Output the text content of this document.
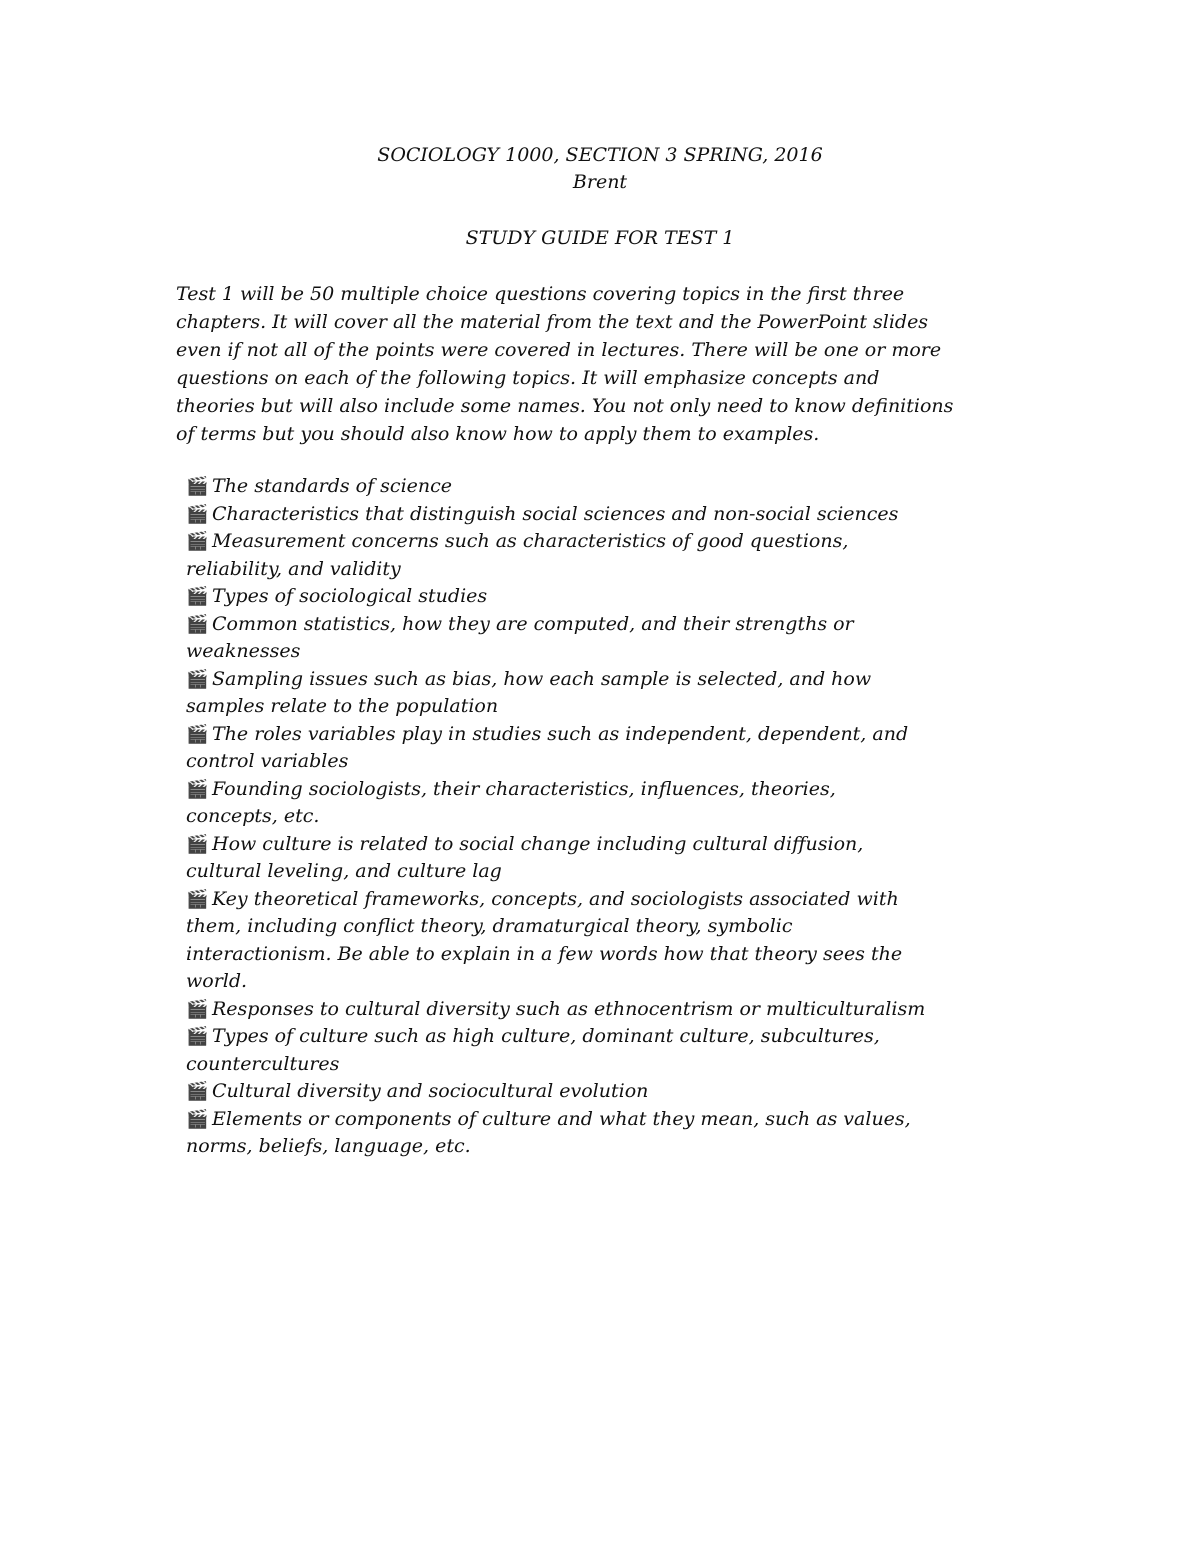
SOCIOLOGY 1000, SECTION 3 SPRING, 2016
Brent
STUDY GUIDE FOR TEST 1
Test 1 will be 50 multiple choice questions covering topics in the first three
chapters. It will cover all the material from the text and the PowerPoint slides
even if not all of the points were covered in lectures. There will be one or more
questions on each of the following topics. It will emphasize concepts and
theories but will also include some names. You not only need to know definitions
of terms but you should also know how to apply them to examples.
🎬 The standards of science
🎬 Characteristics that distinguish social sciences and non-social sciences
🎬 Measurement concerns such as characteristics of good questions,
reliability, and validity
🎬 Types of sociological studies
🎬 Common statistics, how they are computed, and their strengths or
weaknesses
🎬 Sampling issues such as bias, how each sample is selected, and how
samples relate to the population
🎬 The roles variables play in studies such as independent, dependent, and
control variables
🎬 Founding sociologists, their characteristics, influences, theories,
concepts, etc.
🎬 How culture is related to social change including cultural diffusion,
cultural leveling, and culture lag
🎬 Key theoretical frameworks, concepts, and sociologists associated with
them, including conflict theory, dramaturgical theory, symbolic
interactionism. Be able to explain in a few words how that theory sees the
world.
🎬 Responses to cultural diversity such as ethnocentrism or multiculturalism
🎬 Types of culture such as high culture, dominant culture, subcultures,
countercultures
🎬 Cultural diversity and sociocultural evolution
🎬 Elements or components of culture and what they mean, such as values,
norms, beliefs, language, etc.
